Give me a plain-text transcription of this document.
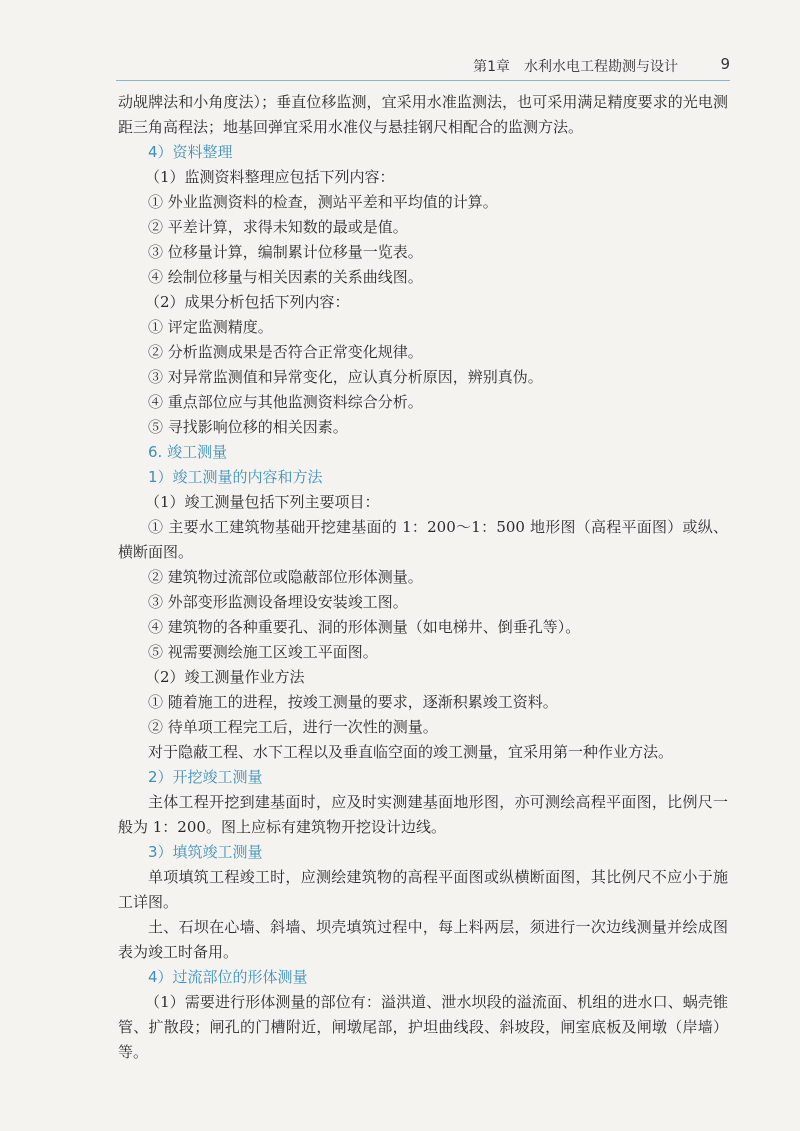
第1章　水利水电工程勘测与设计	9

动觇牌法和小角度法）；垂直位移监测，宜采用水准监测法，也可采用满足精度要求的光电测距三角高程法；地基回弹宜采用水准仪与悬挂钢尺相配合的监测方法。

4）资料整理

（1）监测资料整理应包括下列内容：

① 外业监测资料的检查，测站平差和平均值的计算。

② 平差计算，求得未知数的最或是值。

③ 位移量计算，编制累计位移量一览表。

④ 绘制位移量与相关因素的关系曲线图。

（2）成果分析包括下列内容：

① 评定监测精度。

② 分析监测成果是否符合正常变化规律。

③ 对异常监测值和异常变化，应认真分析原因，辨别真伪。

④ 重点部位应与其他监测资料综合分析。

⑤ 寻找影响位移的相关因素。

6. 竣工测量

1）竣工测量的内容和方法

（1）竣工测量包括下列主要项目：

① 主要水工建筑物基础开挖建基面的 1：200～1：500 地形图（高程平面图）或纵、横断面图。

② 建筑物过流部位或隐蔽部位形体测量。

③ 外部变形监测设备埋设安装竣工图。

④ 建筑物的各种重要孔、洞的形体测量（如电梯井、倒垂孔等）。

⑤ 视需要测绘施工区竣工平面图。

（2）竣工测量作业方法

① 随着施工的进程，按竣工测量的要求，逐渐积累竣工资料。

② 待单项工程完工后，进行一次性的测量。

对于隐蔽工程、水下工程以及垂直临空面的竣工测量，宜采用第一种作业方法。

2）开挖竣工测量

主体工程开挖到建基面时，应及时实测建基面地形图，亦可测绘高程平面图，比例尺一般为 1：200。图上应标有建筑物开挖设计边线。

3）填筑竣工测量

单项填筑工程竣工时，应测绘建筑物的高程平面图或纵横断面图，其比例尺不应小于施工详图。

土、石坝在心墙、斜墙、坝壳填筑过程中，每上料两层，须进行一次边线测量并绘成图表为竣工时备用。

4）过流部位的形体测量

（1）需要进行形体测量的部位有：溢洪道、泄水坝段的溢流面、机组的进水口、蜗壳锥管、扩散段；闸孔的门槽附近，闸墩尾部，护坦曲线段、斜坡段，闸室底板及闸墩（岸墙）等。
